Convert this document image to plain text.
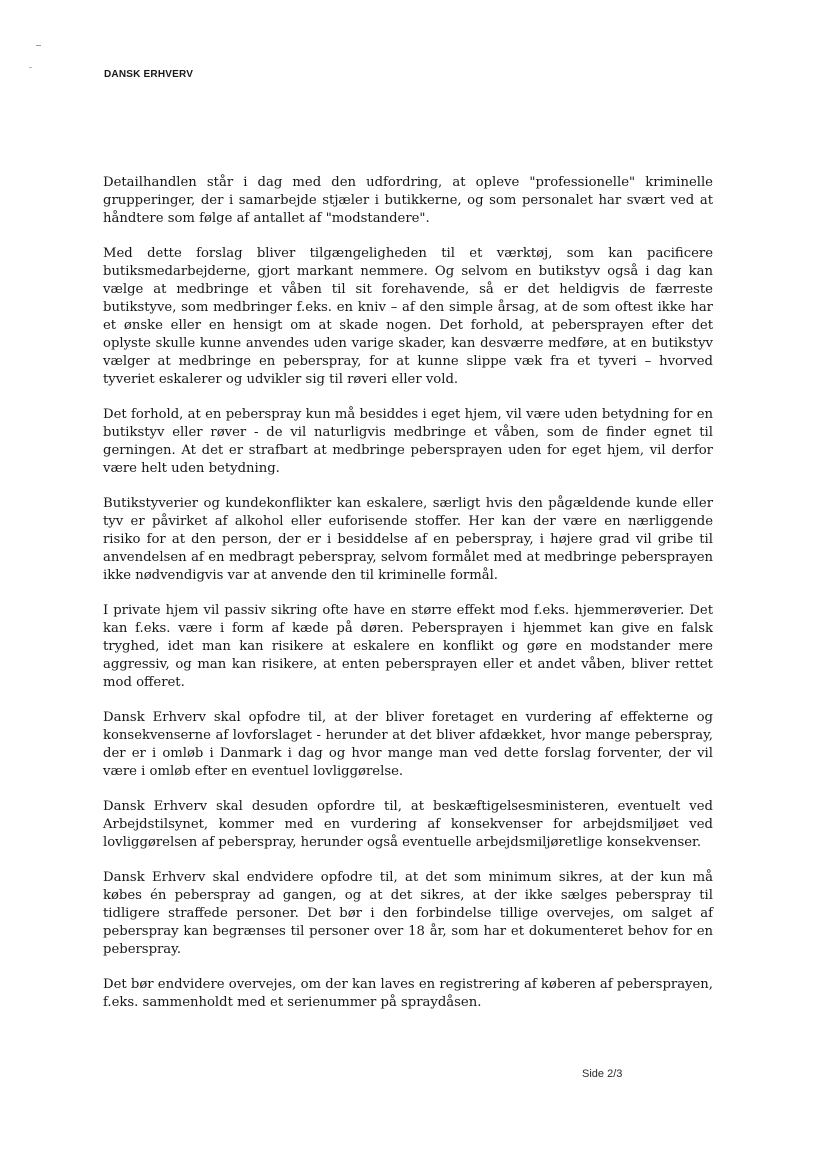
DANSK ERHVERV

Detailhandlen står i dag med den udfordring, at opleve "professionelle" kriminelle grupperinger, der i samarbejde stjæler i butikkerne, og som personalet har svært ved at håndtere som følge af antallet af "modstandere".

Med dette forslag bliver tilgængeligheden til et værktøj, som kan pacificere butiksmedarbejderne, gjort markant nemmere. Og selvom en butikstyv også i dag kan vælge at medbringe et våben til sit forehavende, så er det heldigvis de færreste butikstyve, som medbringer f.eks. en kniv – af den simple årsag, at de som oftest ikke har et ønske eller en hensigt om at skade nogen. Det forhold, at pebersprayen efter det oplyste skulle kunne anvendes uden varige skader, kan desværre medføre, at en butikstyv vælger at medbringe en peberspray, for at kunne slippe væk fra et tyveri – hvorved tyveriet eskalerer og udvikler sig til røveri eller vold.

Det forhold, at en peberspray kun må besiddes i eget hjem, vil være uden betydning for en butikstyv eller røver - de vil naturligvis medbringe et våben, som de finder egnet til gerningen. At det er strafbart at medbringe pebersprayen uden for eget hjem, vil derfor være helt uden betydning.

Butikstyverier og kundekonflikter kan eskalere, særligt hvis den pågældende kunde eller tyv er påvirket af alkohol eller euforisende stoffer. Her kan der være en nærliggende risiko for at den person, der er i besiddelse af en peberspray, i højere grad vil gribe til anvendelsen af en medbragt peberspray, selvom formålet med at medbringe pebersprayen ikke nødvendigvis var at anvende den til kriminelle formål.

I private hjem vil passiv sikring ofte have en større effekt mod f.eks. hjemmerøverier. Det kan f.eks. være i form af kæde på døren. Pebersprayen i hjemmet kan give en falsk tryghed, idet man kan risikere at eskalere en konflikt og gøre en modstander mere aggressiv, og man kan risikere, at enten pebersprayen eller et andet våben, bliver rettet mod offeret.

Dansk Erhverv skal opfodre til, at der bliver foretaget en vurdering af effekterne og konsekvenserne af lovforslaget - herunder at det bliver afdækket, hvor mange peberspray, der er i omløb i Danmark i dag og hvor mange man ved dette forslag forventer, der vil være i omløb efter en eventuel lovliggørelse.

Dansk Erhverv skal desuden opfordre til, at beskæftigelsesministeren, eventuelt ved Arbejdstilsynet, kommer med en vurdering af konsekvenser for arbejdsmiljøet ved lovliggørelsen af peberspray, herunder også eventuelle arbejdsmiljøretlige konsekvenser.

Dansk Erhverv skal endvidere opfodre til, at det som minimum sikres, at der kun må købes én peberspray ad gangen, og at det sikres, at der ikke sælges peberspray til tidligere straffede personer. Det bør i den forbindelse tillige overvejes, om salget af peberspray kan begrænses til personer over 18 år, som har et dokumenteret behov for en peberspray.

Det bør endvidere overvejes, om der kan laves en registrering af køberen af pebersprayen, f.eks. sammenholdt med et serienummer på spraydåsen.

Side 2/3
